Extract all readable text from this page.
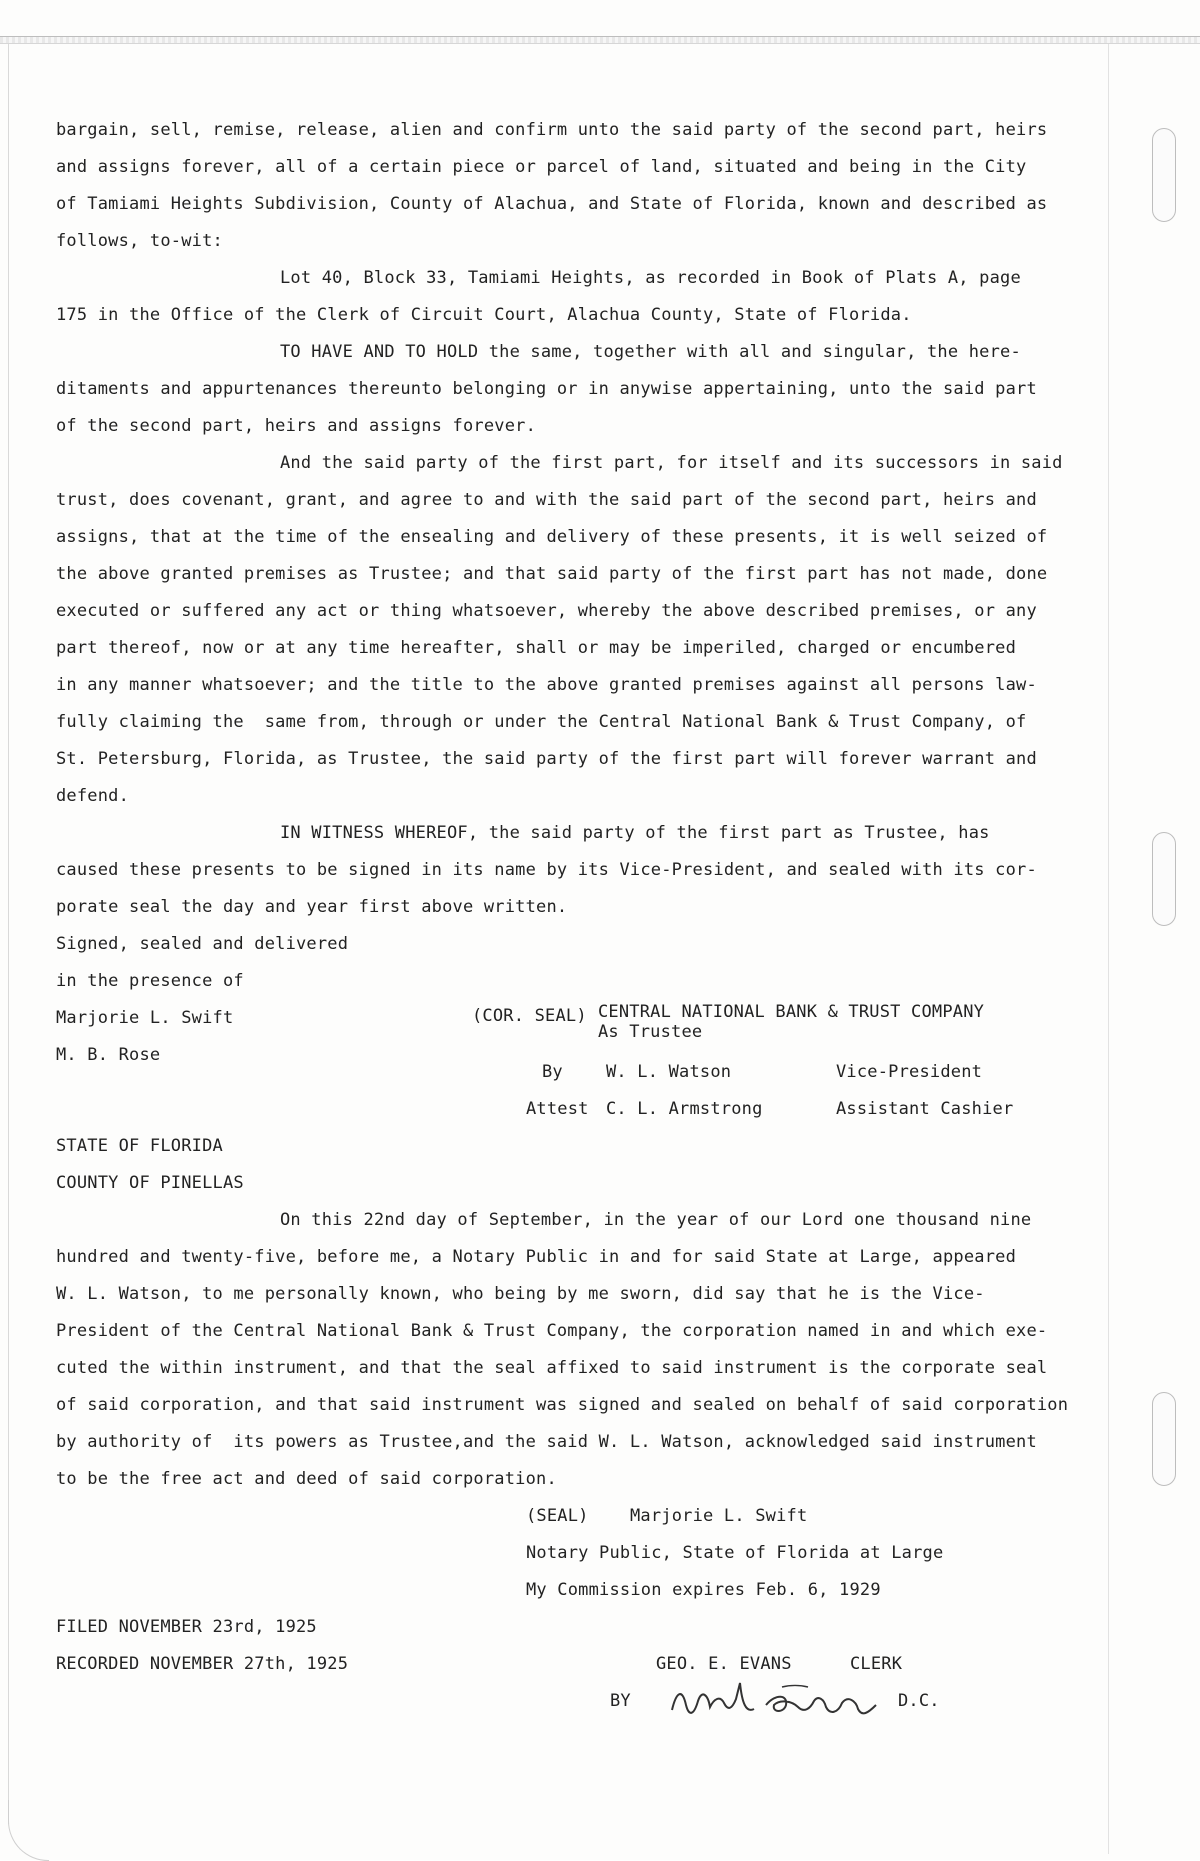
bargain, sell, remise, release, alien and confirm unto the said party of the second part, heirs
and assigns forever, all of a certain piece or parcel of land, situated and being in the City
of Tamiami Heights Subdivision, County of Alachua, and State of Florida, known and described as
follows, to-wit:
Lot 40, Block 33, Tamiami Heights, as recorded in Book of Plats A, page
175 in the Office of the Clerk of Circuit Court, Alachua County, State of Florida.
TO HAVE AND TO HOLD the same, together with all and singular, the here-
ditaments and appurtenances thereunto belonging or in anywise appertaining, unto the said part
of the second part, heirs and assigns forever.
And the said party of the first part, for itself and its successors in said
trust, does covenant, grant, and agree to and with the said part of the second part, heirs and
assigns, that at the time of the ensealing and delivery of these presents, it is well seized of
the above granted premises as Trustee; and that said party of the first part has not made, done
executed or suffered any act or thing whatsoever, whereby the above described premises, or any
part thereof, now or at any time hereafter, shall or may be imperiled, charged or encumbered
in any manner whatsoever; and the title to the above granted premises against all persons law-
fully claiming the  same from, through or under the Central National Bank & Trust Company, of
St. Petersburg, Florida, as Trustee, the said party of the first part will forever warrant and
defend.
IN WITNESS WHEREOF, the said party of the first part as Trustee, has
caused these presents to be signed in its name by its Vice-President, and sealed with its cor-
porate seal the day and year first above written.
Signed, sealed and delivered
in the presence of
Marjorie L. Swift
M. B. Rose
(COR. SEAL) CENTRAL NATIONAL BANK & TRUST COMPANY
As Trustee
By	W. L. Watson	Vice-President
Attest C. L. Armstrong	Assistant Cashier
STATE OF FLORIDA
COUNTY OF PINELLAS
On this 22nd day of September, in the year of our Lord one thousand nine
hundred and twenty-five, before me, a Notary Public in and for said State at Large, appeared
W. L. Watson, to me personally known, who being by me sworn, did say that he is the Vice-
President of the Central National Bank & Trust Company, the corporation named in and which exe-
cuted the within instrument, and that the seal affixed to said instrument is the corporate seal
of said corporation, and that said instrument was signed and sealed on behalf of said corporation
by authority of  its powers as Trustee,and the said W. L. Watson, acknowledged said instrument
to be the free act and deed of said corporation.
(SEAL) Marjorie L. Swift
Notary Public, State of Florida at Large
My Commission expires Feb. 6, 1929
FILED NOVEMBER 23rd, 1925
RECORDED NOVEMBER 27th, 1925	GEO. E. EVANS	CLERK
BY	D.C.
